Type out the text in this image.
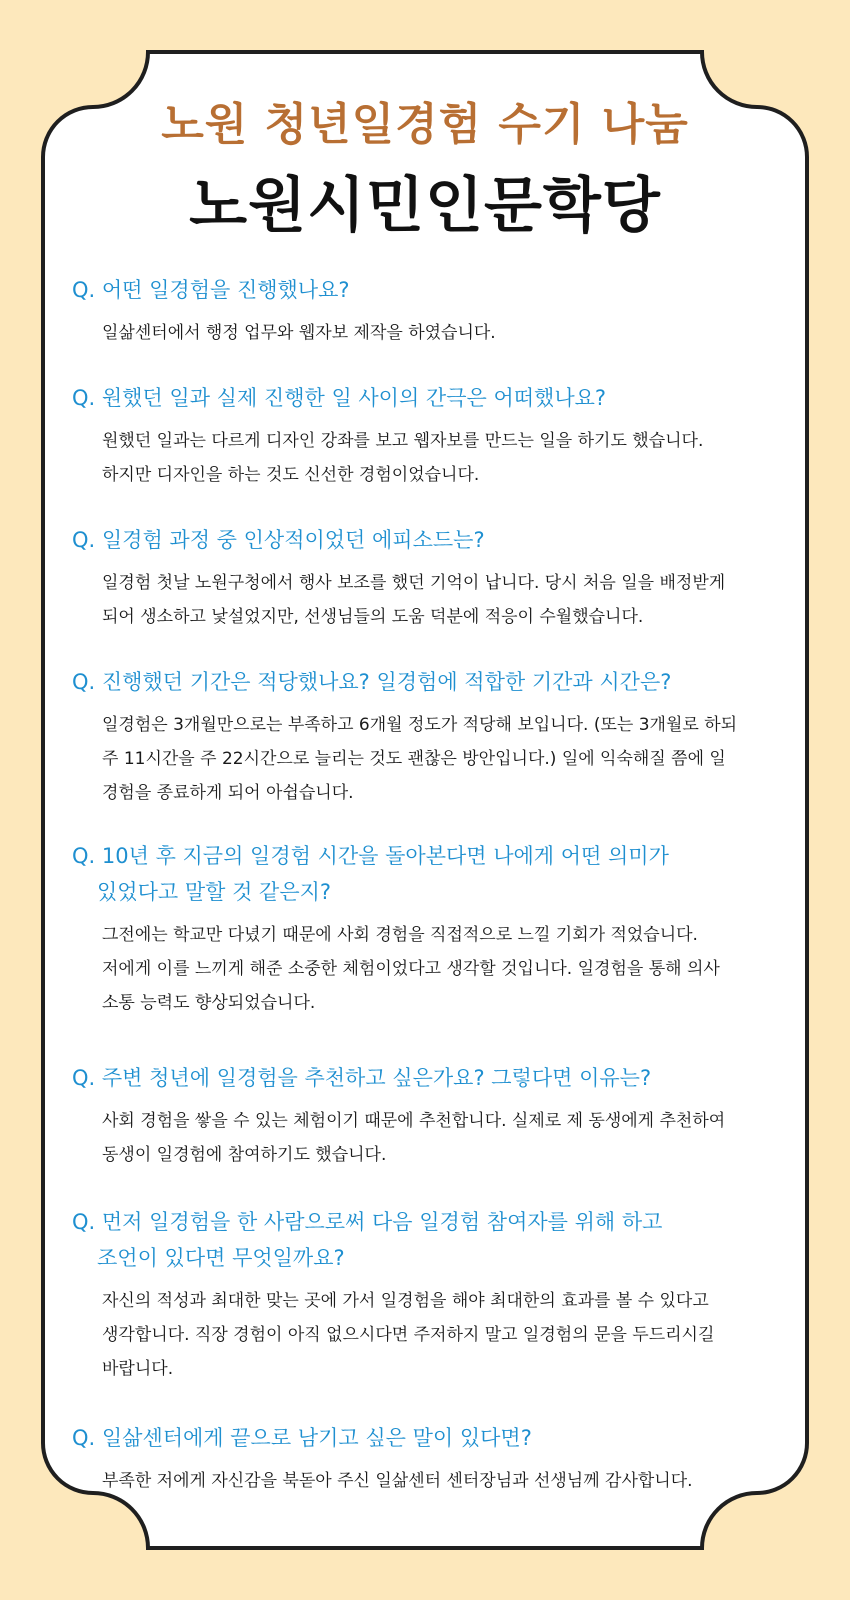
노원 청년일경험 수기 나눔
노원시민인문학당
Q. 어떤 일경험을 진행했나요?
일삶센터에서 행정 업무와 웹자보 제작을 하였습니다.
Q. 원했던 일과 실제 진행한 일 사이의 간극은 어떠했나요?
원했던 일과는 다르게 디자인 강좌를 보고 웹자보를 만드는 일을 하기도 했습니다.
하지만 디자인을 하는 것도 신선한 경험이었습니다.
Q. 일경험 과정 중 인상적이었던 에피소드는?
일경험 첫날 노원구청에서 행사 보조를 했던 기억이 납니다. 당시 처음 일을 배정받게
되어 생소하고 낯설었지만, 선생님들의 도움 덕분에 적응이 수월했습니다.
Q. 진행했던 기간은 적당했나요? 일경험에 적합한 기간과 시간은?
일경험은 3개월만으로는 부족하고 6개월 정도가 적당해 보입니다. (또는 3개월로 하되
주 11시간을 주 22시간으로 늘리는 것도 괜찮은 방안입니다.) 일에 익숙해질 쯤에 일
경험을 종료하게 되어 아쉽습니다.
Q. 10년 후 지금의 일경험 시간을 돌아본다면 나에게 어떤 의미가
있었다고 말할 것 같은지?
그전에는 학교만 다녔기 때문에 사회 경험을 직접적으로 느낄 기회가 적었습니다.
저에게 이를 느끼게 해준 소중한 체험이었다고 생각할 것입니다. 일경험을 통해 의사
소통 능력도 향상되었습니다.
Q. 주변 청년에 일경험을 추천하고 싶은가요? 그렇다면 이유는?
사회 경험을 쌓을 수 있는 체험이기 때문에 추천합니다. 실제로 제 동생에게 추천하여
동생이 일경험에 참여하기도 했습니다.
Q. 먼저 일경험을 한 사람으로써 다음 일경험 참여자를 위해 하고
조언이 있다면 무엇일까요?
자신의 적성과 최대한 맞는 곳에 가서 일경험을 해야 최대한의 효과를 볼 수 있다고
생각합니다. 직장 경험이 아직 없으시다면 주저하지 말고 일경험의 문을 두드리시길
바랍니다.
Q. 일삶센터에게 끝으로 남기고 싶은 말이 있다면?
부족한 저에게 자신감을 북돋아 주신 일삶센터 센터장님과 선생님께 감사합니다.
